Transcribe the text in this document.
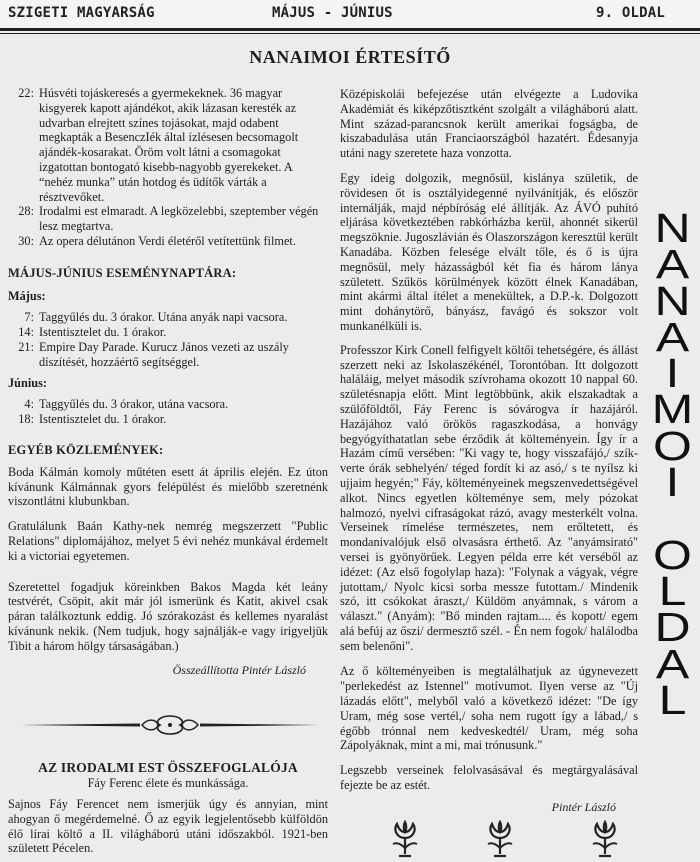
SZIGETI MAGYARSÁG	MÁJUS - JÚNIUS	9. OLDAL
NANAIMOI ÉRTESÍTŐ
22: Húsvéti tojáskeresés a gyermekeknek. 36 magyar kisgyerek kapott ajándékot, akik lázasan keresték az udvarban elrejtett színes tojásokat, majd odabent megkapták a BesenczIék által ízlésesen becsomagolt ajándék-kosarakat. Öröm volt látni a csomagokat izgatottan bontogató kisebb-nagyobb gyerekeket. A “nehéz munka” után hotdog és üdítők várták a résztvevőket.
28: Irodalmi est elmaradt. A legközelebbi, szeptember végén lesz megtartva.
30: Az opera délutánon Verdi életéről vetítettünk filmet.
MÁJUS-JÚNIUS ESEMÉNYNAPTÁRA:
Május:
7: Taggyűlés du. 3 órakor. Utána anyák napi vacsora.
14: Istentisztelet du. 1 órakor.
21: Empire Day Parade. Kurucz János vezeti az uszály díszítését, hozzáértő segítséggel.
Június:
4: Taggyűlés du. 3 órakor, utána vacsora.
18: Istentisztelet du. 1 órakor.
EGYÉB KÖZLEMÉNYEK:

Boda Kálmán komoly műtéten esett át április elején. Ez úton kívánunk Kálmánnak gyors felépülést és mielőbb szeretnénk viszontlátni klubunkban.

Gratulálunk Baán Kathy-nek nemrég megszerzett "Public Relations" diplomájához, melyet 5 évi nehéz munkával érdemelt ki a victoriai egyetemen.

Szeretettel fogadjuk köreinkben Bakos Magda két leány testvérét, Csöpit, akit már jól ismerünk és Katit, akivel csak páran találkoztunk eddig. Jó szórakozást és kellemes nyaralást kívánunk nekik. (Nem tudjuk, hogy sajnálják-e vagy irigyeljük Tibit a három hölgy társaságában.)

Összeállította Pintér László

AZ IRODALMI EST ÖSSZEFOGLALÓJA
Fáy Ferenc élete és munkássága.

Sajnos Fáy Ferencet nem ismerjük úgy és annyian, mint ahogyan ő megérdemelné. Ő az egyik legjelentősebb külföldön élő lírai költő a II. világháború utáni időszakból. 1921-ben született Pécelen.

Középiskolái befejezése után elvégezte a Ludovika Akadémiát és kiképzőtisztként szolgált a világháború alatt. Mint század-parancsnok került amerikai fogságba, de kiszabadulása után Franciaországból hazatért. Édesanyja utáni nagy szeretete haza vonzotta.

Egy ideig dolgozik, megnősül, kislánya születik, de rövidesen őt is osztályidegenné nyilvánítják, és először internálják, majd népbíróság elé állítják. Az ÁVÓ puhító eljárása következtében rabkórházba kerül, ahonnét sikerül megszöknie. Jugoszlávián és Olaszországon keresztül került Kanadába. Közben felesége elvált tőle, és ő is újra megnősül, mely házasságból két fia és három lánya született. Szűkös körülmények között élnek Kanadában, mint akármi által ítélet a menekültek, a D.P.-k. Dolgozott mint dohánytörő, bányász, favágó és sokszor volt munkanélküli is.

Professzor Kirk Conell felfigyelt költői tehetségére, és állást szerzett neki az Iskolaszékénél, Torontóban. Itt dolgozott haláláig, melyet második szívrohama okozott 10 nappal 60. születésnapja előtt. Mint legtöbbünk, akik elszakadtak a szülőföldtől, Fáy Ferenc is sóvárogva ír hazájáról. Hazájához való örökös ragaszkodása, a honvágy begyógyíthatatlan sebe érződik át költeményein. Így ír a Hazám című versében: "Ki vagy te, hogy visszafájó,/ szík-verte órák sebhelyén/ téged fordít ki az asó,/ s te nyílsz ki ujjaim hegyén;" Fáy, költeményeinek megszenvedettségével alkot. Nincs egyetlen költeménye sem, mely pózokat halmozó, nyelvi cifraságokat rázó, avagy mesterkélt volna. Verseinek rímelése természetes, nem erőltetett, és mondanivalójuk első olvasásra érthető. Az "anyámsirató" versei is gyönyörűek. Legyen példa erre két verséből az idézet: (Az első fogolylap haza): "Folynak a vágyak, végre jutottam,/ Nyolc kicsi sorba messze futottam./ Mindenik szó, itt csókokat áraszt,/ Küldöm anyámnak, s várom a választ." (Anyám): "Bő minden rajtam.... és kopott/ egem alá befúj az őszi/ dermesztő szél. - Én nem fogok/ halálodba sem belenőni".

Az ő költeményeiben is megtalálhatjuk az úgynevezett "perlekedést az Istennel" motívumot. Ilyen verse az "Új lázadás előtt", melyből való a következő idézet: "De így Uram, még sose vertél,/ soha nem rugott így a lábad,/ s égőbb trónnal nem kedveskedtél/ Uram, még soha Zápolyáknak, mint a mi, mai trónusunk."

Legszebb verseinek felolvasásával és megtárgyalásával fejezte be az estét.

Pintér László

N
A
N
A
I
M
O
I

O
L
D
A
L
